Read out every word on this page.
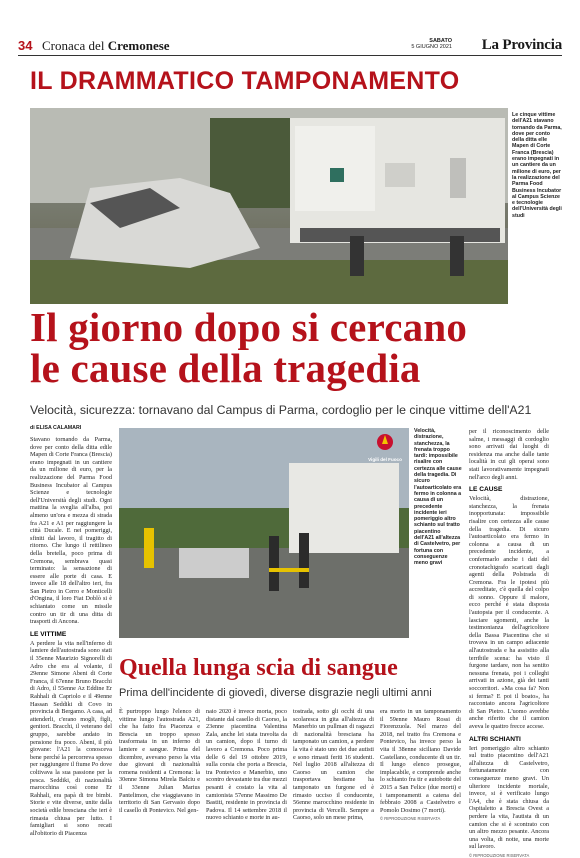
34 Cronaca del Cremonese	SABATO
5 GIUGNO 2021 La Provincia
IL DRAMMATICO TAMPONAMENTO
Le cinque vittime dell'A21 stavano tornando da Parma, dove per conto della ditta elle Mapen di Corte Franca (Brescia) erano impegnati in un cantiere da un milione di euro, per la realizzazione del Parma Food Business Incubator al Campus Scienze e tecnologie dell'Università degli studi
Il giorno dopo si cercano
le cause della tragedia
Velocità, sicurezza: tornavano dal Campus di Parma, cordoglio per le cinque vittime dell'A21
di ELISA CALAMARI

Stavano tornando da Parma, dove per conto della ditta edile Mapen di Corte Franca (Brescia) erano impegnati in un cantiere da un milione di euro, per la realizzazione del Parma Food Business Incubator al Campus Scienze e tecnologie dell'Università degli studi. Ogni mattina la sveglia all'alba, poi almeno un'ora e mezza di strada fra A21 e A1 per raggiungere la città Ducale. E nei pomeriggi, sfiniti dal lavoro, il tragitto di ritorno. Che lungo il rettilineo della bretella, poco prima di Cremona, sembrava quasi terminato: la sensazione di essere alle porte di casa. E invece alle 18 dell'altro ieri, fra San Pietro in Cerro e Monticelli d'Ongina, il loro Fiat Doblò si è schiantato come un missile contro un tir di una ditta di trasporti di Ancona.

LE VITTIME

A perdere la vita nell'inferno di lamiere dell'autostrada sono stati il 35enne Maurizio Signorelli di Adro che era al volante, il 29enne Simone Abeni di Corte Franca, il 67enne Bruno Bracchi di Adro, il 55enne Az Eddine Er Rahhali di Capriolo e il 49enne Hassan Seddiki di Covo in provincia di Bergamo. A casa, ad attenderli, c'erano mogli, figli, genitori. Bracchi, il veterano del gruppo, sarebbe andato in pensione fra poco. Abeni, il più giovane: l'A21 la conosceva bene perché la percorreva spesso per raggiungere il fiume Po dove coltivava la sua passione per la pesca. Seddiki, di nazionalità marocchina così come Er Rahhali, era papà di tre bimbi. Storie e vite diverse, unite dalla società edile bresciana che ieri è rimasta chiusa per lutto. I famigliari si sono recati all'obitorio di Piacenza

Vigili del Fuoco
Velocità, distrazione, stanchezza, la frenata troppo tardi: impossibile risalire con certezza alle cause della tragedia. Di sicuro l'autoarticolato era fermo in colonna a causa di un precedente incidente ieri pomeriggio altro schianto sul tratto piacentino dell'A21 all'altezza di Castelvetro, per fortuna con conseguenze meno gravi

per il riconoscimento delle salme, i messaggi di cordoglio sono arrivati dai luoghi di residenza ma anche dalle tante località in cui gli operai sono stati lavorativamente impegnati nell'arco degli anni.

LE CAUSE

Velocità, distrazione, stanchezza, la frenata inopportunata: impossibile risalire con certezza alle cause della tragedia. Di sicuro l'autoarticolato era fermo in colonna a causa di un precedente incidente, a confermarlo anche i dati del cronotachigrafo scaricati dagli agenti della Polstrada di Cremona. Fra le ipotesi più accreditate, c'è quella del colpo di sonno. Oppure il malore, ecco perché è stata disposta l'autopsia per il conducente. A lasciare sgomenti, anche la testimonianza dell'agricoltore della Bassa Piacentina che si trovava in un campo adiacente all'autostrada e ha assistito alla terribile scena: ha visto il furgone tardare, non ha sentito nessuna frenata, poi i colleghi arrivati in azione, già dei tanti soccorritori. «Ma cosa fa? Non si ferma? E poi il boato», ha raccontato ancora l'agricoltore di San Pietro. L'uomo avrebbe anche riferito che il camion aveva le quattro frecce accese.

ALTRI SCHIANTI

Ieri pomeriggio altro schianto sul tratto piacentino dell'A21 all'altezza di Castelvetro, fortunatamente con conseguenze meno gravi. Un ulteriore incidente mortale, invece, si è verificato lungo l'A4, che è stata chiusa da Ospitaletto a Brescia Ovest a perdere la vita, l'autista di un camion che si è scontrato con un altro mezzo pesante. Ancora una volta, di notte, una morte sul lavoro.

© RIPRODUZIONE RISERVATA
Quella lunga scia di sangue
Prima dell'incidente di giovedì, diverse disgrazie negli ultimi anni

È purtroppo lungo l'elenco di vittime lungo l'autostrada A21, che ha fatto fra Piacenza e Brescia un troppo spesso trasformata in un inferno di lamiere e sangue. Prima del dicembre, avevano perso la vita due giovani di nazionalità romena residenti a Cremona: la 30enne Simona Mirela Balciu e il 33enne Julian Marius Pantelimon, che viaggiavano in territorio di San Gervasio dopo il casello di Pontevico. Nel gen-

naio 2020 è invece morta, poco distante dal casello di Caorso, la 23enne piacentina Valentina Zala, anche lei stata travolta da un camion, dopo il turno di lavoro a Cremona. Poco prima delle 6 del 19 ottobre 2019, sulla corsia che porta a Brescia, tra Pontevico e Manerbio, uno scontro devastante tra due mezzi pesanti è costato la vita al camionista 57enne Massimo De Bastiti, residente in provincia di Padova. Il 14 settembre 2018 il nuovo schianto e morte in au-

tostrada, sotto gli occhi di una scolaresca in gita all'altezza di Manerbio un pullman di ragazzi di nazionalità bresciana ha tamponato un camion, a perdere la vita è stato uno dei due autisti e sono rimasti feriti 16 studenti. Nel luglio 2018 all'altezza di Caorso un camion che trasportava bestiame ha tamponato un furgone ed è rimasto ucciso il conducente, 56enne marocchino residente in provincia di Vercelli. Sempre a Caorso, solo un mese prima,

era morto in un tamponamento il 59enne Mauro Rossi di Fiorenzuola. Nel marzo del 2018, nel tratto fra Cremona e Pontevico, ha invece perso la vita il 38enne siciliano Davide Castellano, conducente di un tir. Il lungo elenco prosegue, implacabile, e comprende anche lo schianto fra tir e autobotte del 2015 a San Felice (due morti) e i tamponamenti a catena del febbraio 2008 a Castelvetro e Pomolo Dosimo (7 morti).

© RIPRODUZIONE RISERVATA
